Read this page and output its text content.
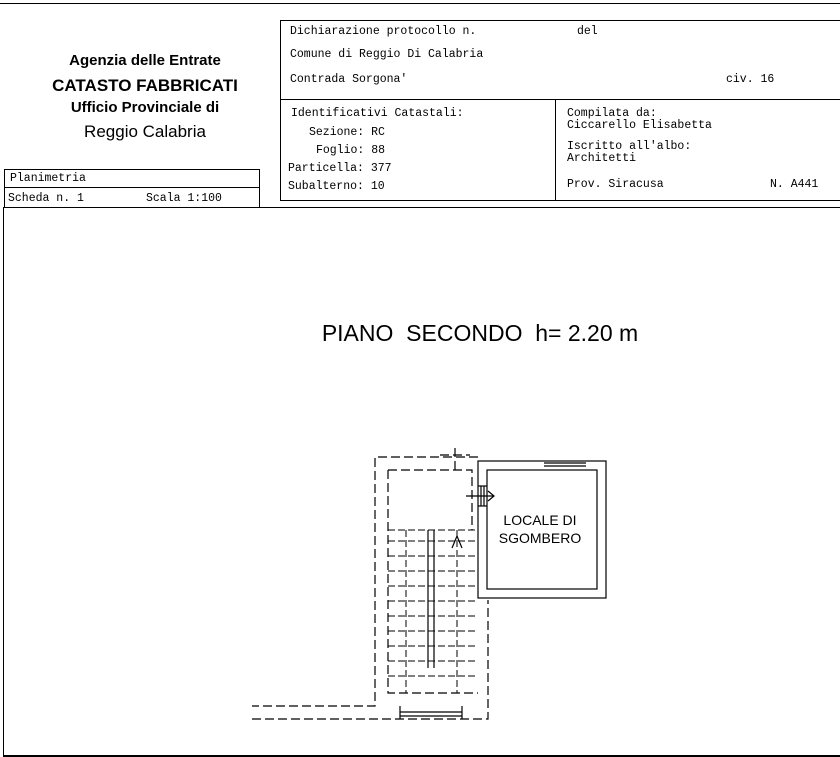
Agenzia delle Entrate
CATASTO FABBRICATI
Ufficio Provinciale di
Reggio Calabria
Planimetria
Scheda n. 1	Scala 1:100
Dichiarazione protocollo n.	del
Comune di Reggio Di Calabria
Contrada Sorgona'	civ. 16
Identificativi Catastali:
Sezione: RC
Foglio: 88
Particella: 377
Subalterno: 10
Compilata da:
Ciccarello Elisabetta
Iscritto all'albo:
Architetti
Prov. Siracusa	N. A441
PIANO  SECONDO  h= 2.20 m
LOCALE DI
SGOMBERO
